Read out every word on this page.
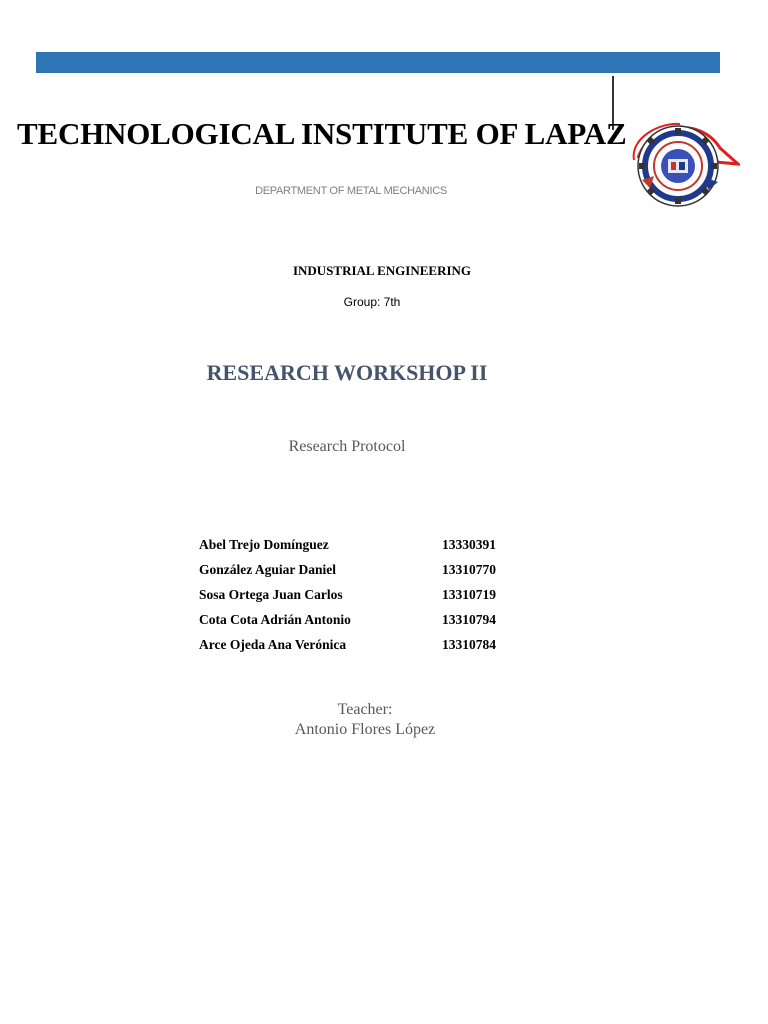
TECHNOLOGICAL INSTITUTE OF LAPAZ
DEPARTMENT OF METAL MECHANICS
INDUSTRIAL ENGINEERING
Group: 7th
RESEARCH WORKSHOP II
Research Protocol
Abel Trejo Domínguez	13330391
González Aguiar Daniel	13310770
Sosa Ortega Juan Carlos	13310719
Cota Cota Adrián Antonio	13310794
Arce Ojeda Ana Verónica	13310784
Teacher:
Antonio Flores López
